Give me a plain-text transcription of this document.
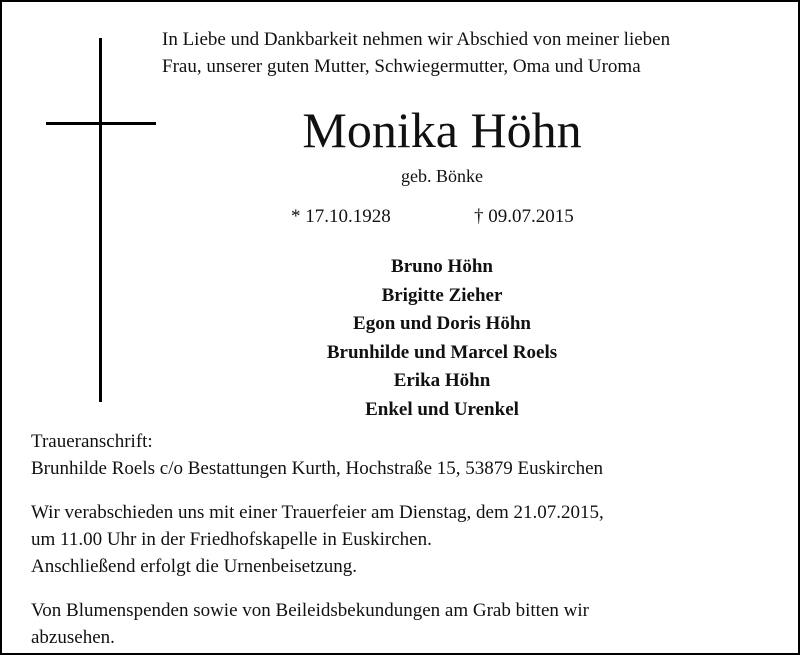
In Liebe und Dankbarkeit nehmen wir Abschied von meiner lieben
Frau, unserer guten Mutter, Schwiegermutter, Oma und Uroma
Monika Höhn
geb. Bönke
* 17.10.1928	† 09.07.2015
Bruno Höhn
Brigitte Zieher
Egon und Doris Höhn
Brunhilde und Marcel Roels
Erika Höhn
Enkel und Urenkel
Traueranschrift:
Brunhilde Roels c/o Bestattungen Kurth, Hochstraße 15, 53879 Euskirchen
Wir verabschieden uns mit einer Trauerfeier am Dienstag, dem 21.07.2015,
um 11.00 Uhr in der Friedhofskapelle in Euskirchen.
Anschließend erfolgt die Urnenbeisetzung.
Von Blumenspenden sowie von Beileidsbekundungen am Grab bitten wir
abzusehen.
